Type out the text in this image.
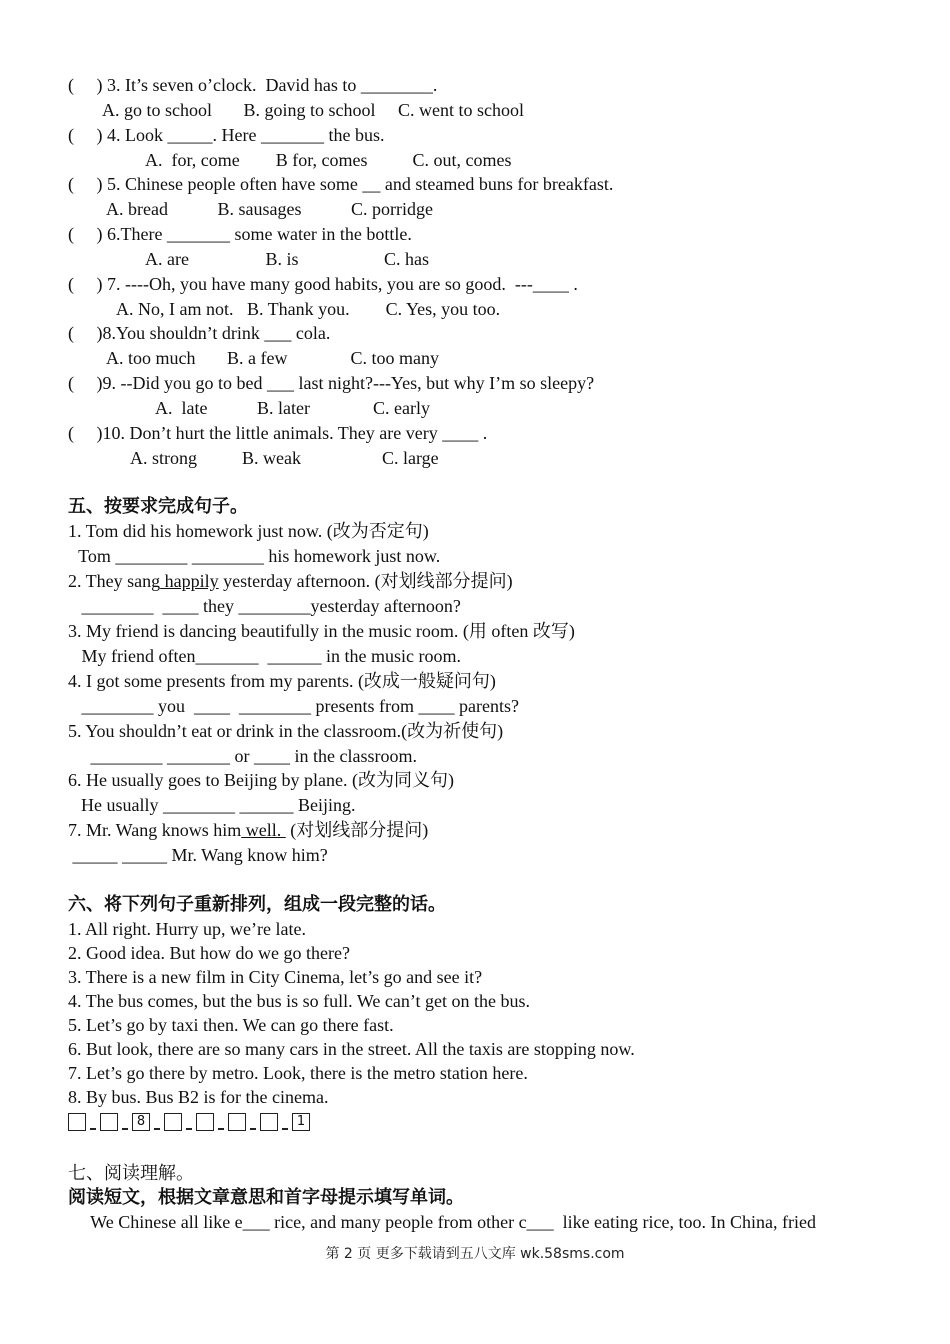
(     ) 3. It’s seven o’clock.  David has to ________.
A. go to school       B. going to school     C. went to school
(     ) 4. Look _____. Here _______ the bus.
A.  for, come        B for, comes          C. out, comes
(     ) 5. Chinese people often have some __ and steamed buns for breakfast.
A. bread           B. sausages           C. porridge
(     ) 6.There _______ some water in the bottle.
A. are                 B. is                   C. has
(     ) 7. ----Oh, you have many good habits, you are so good.  ---____ .
A. No, I am not.   B. Thank you.        C. Yes, you too.
(     )8.You shouldn’t drink ___ cola.
A. too much       B. a few              C. too many
(     )9. --Did you go to bed ___ last night?---Yes, but why I’m so sleepy?
A.  late           B. later              C. early
(     )10. Don’t hurt the little animals. They are very ____ .
A. strong          B. weak                  C. large
五、按要求完成句子。
1. Tom did his homework just now. (改为否定句)
Tom ________ ________ his homework just now.
2. They sang happily yesterday afternoon. (对划线部分提问)
________  ____ they ________yesterday afternoon?
3. My friend is dancing beautifully in the music room. (用 often 改写)
My friend often_______  ______ in the music room.
4. I got some presents from my parents. (改成一般疑问句)
________ you  ____  ________ presents from ____ parents?
5. You shouldn’t eat or drink in the classroom.(改为祈使句)
________ _______ or ____ in the classroom.
6. He usually goes to Beijing by plane. (改为同义句)
He usually ________ ______ Beijing.
7. Mr. Wang knows him well.  (对划线部分提问)
_____ _____ Mr. Wang know him?
六、将下列句子重新排列，组成一段完整的话。
1. All right. Hurry up, we’re late.
2. Good idea. But how do we go there?
3. There is a new film in City Cinema, let’s go and see it?
4. The bus comes, but the bus is so full. We can’t get on the bus.
5. Let’s go by taxi then. We can go there fast.
6. But look, there are so many cars in the street. All the taxis are stopping now.
7. Let’s go there by metro. Look, there is the metro station here.
8. By bus. Bus B2 is for the cinema.
8	1
七、阅读理解。
阅读短文，根据文章意思和首字母提示填写单词。
We Chinese all like e___ rice, and many people from other c___  like eating rice, too. In China, fried
第 2 页 更多下载请到五八文库 wk.58sms.com
